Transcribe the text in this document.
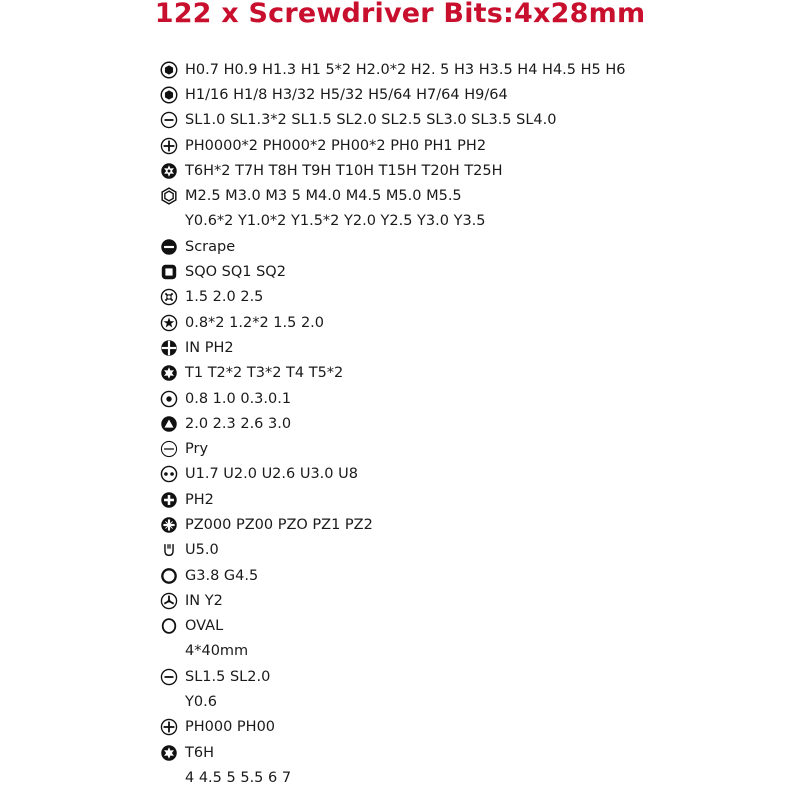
122 x Screwdriver Bits:4x28mm
H0.7 H0.9 H1.3 H1 5*2 H2.0*2 H2. 5 H3 H3.5 H4 H4.5 H5 H6
H1/16 H1/8 H3/32 H5/32 H5/64 H7/64 H9/64
SL1.0 SL1.3*2 SL1.5 SL2.0 SL2.5 SL3.0 SL3.5 SL4.0
PH0000*2 PH000*2 PH00*2 PH0 PH1 PH2
T6H*2 T7H T8H T9H T10H T15H T20H T25H
M2.5 M3.0 M3 5 M4.0 M4.5 M5.0 M5.5
Y0.6*2 Y1.0*2 Y1.5*2 Y2.0 Y2.5 Y3.0 Y3.5
Scrape
SQO SQ1 SQ2
1.5 2.0 2.5
0.8*2 1.2*2 1.5 2.0
IN PH2
T1 T2*2 T3*2 T4 T5*2
0.8 1.0 0.3.0.1
2.0 2.3 2.6 3.0
Pry
U1.7 U2.0 U2.6 U3.0 U8
PH2
PZ000 PZ00 PZO PZ1 PZ2
U5.0
G3.8 G4.5
IN Y2
OVAL
4*40mm
SL1.5 SL2.0
Y0.6
PH000 PH00
T6H
4 4.5 5 5.5 6 7
